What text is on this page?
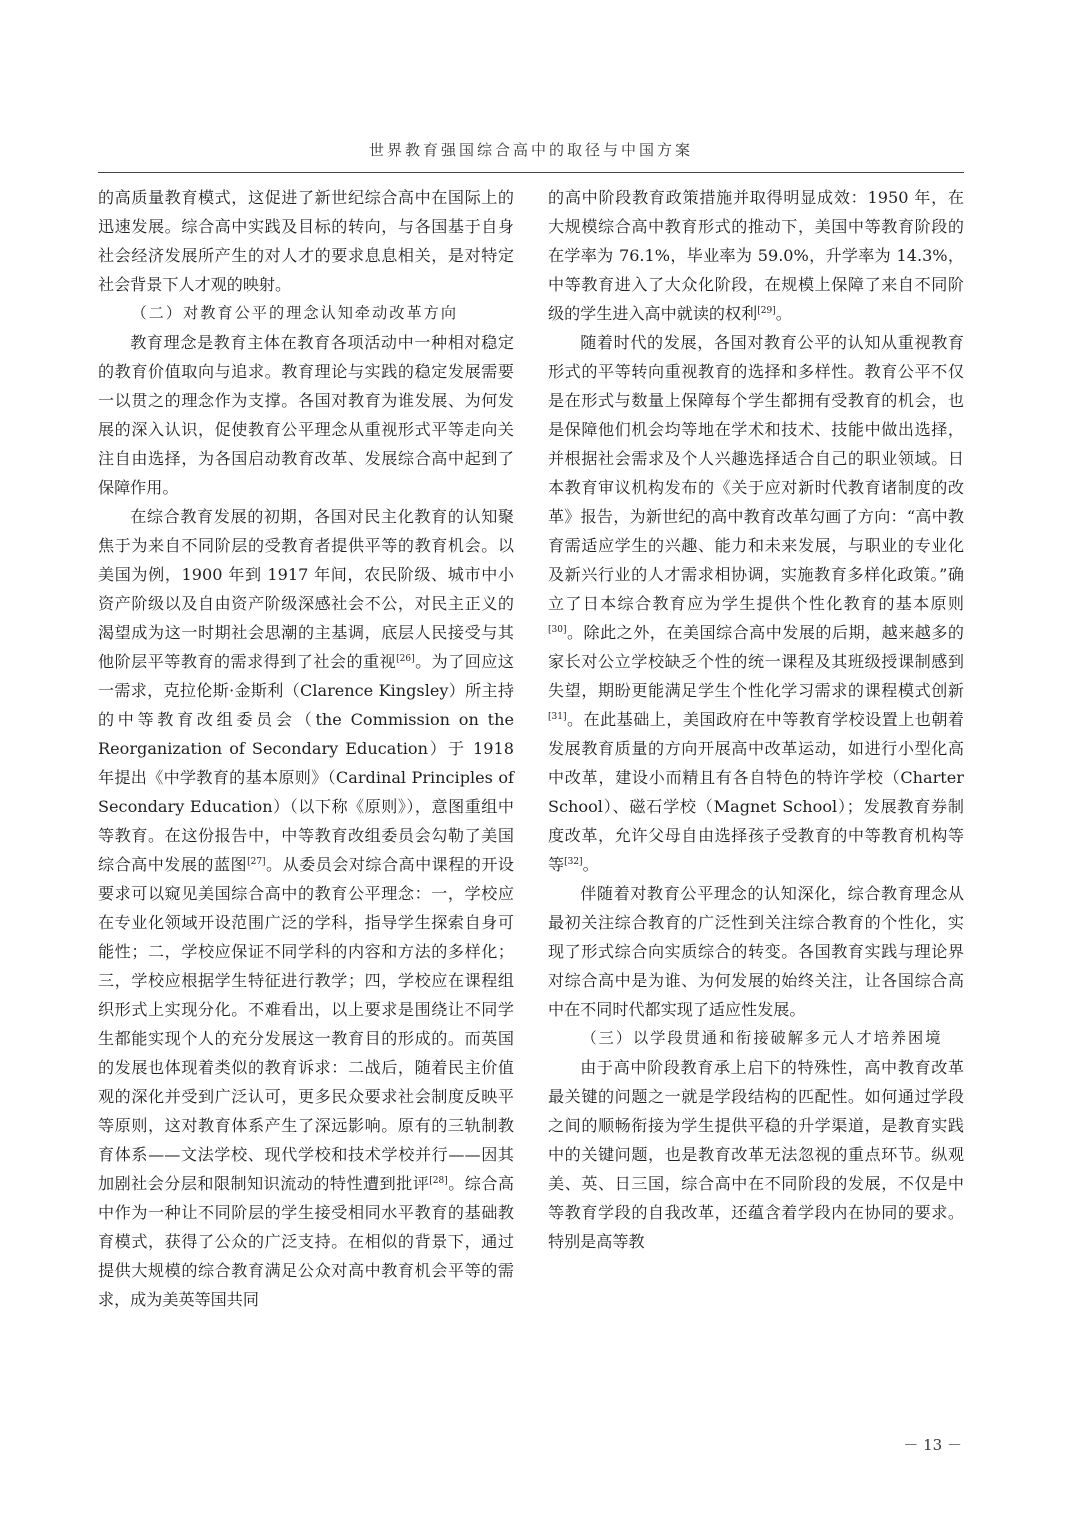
世界教育强国综合高中的取径与中国方案

的高质量教育模式，这促进了新世纪综合高中在国际上的迅速发展。综合高中实践及目标的转向，与各国基于自身社会经济发展所产生的对人才的要求息息相关，是对特定社会背景下人才观的映射。

（二）对教育公平的理念认知牵动改革方向

教育理念是教育主体在教育各项活动中一种相对稳定的教育价值取向与追求。教育理论与实践的稳定发展需要一以贯之的理念作为支撑。各国对教育为谁发展、为何发展的深入认识，促使教育公平理念从重视形式平等走向关注自由选择，为各国启动教育改革、发展综合高中起到了保障作用。

在综合教育发展的初期，各国对民主化教育的认知聚焦于为来自不同阶层的受教育者提供平等的教育机会。以美国为例，1900 年到 1917 年间，农民阶级、城市中小资产阶级以及自由资产阶级深感社会不公，对民主正义的渴望成为这一时期社会思潮的主基调，底层人民接受与其他阶层平等教育的需求得到了社会的重视[26]。为了回应这一需求，克拉伦斯·金斯利（Clarence Kingsley）所主持的中等教育改组委员会（the Commission on the Reorganization of Secondary Education）于 1918 年提出《中学教育的基本原则》（Cardinal Principles of Secondary Education）（以下称《原则》），意图重组中等教育。在这份报告中，中等教育改组委员会勾勒了美国综合高中发展的蓝图[27]。从委员会对综合高中课程的开设要求可以窥见美国综合高中的教育公平理念：一，学校应在专业化领域开设范围广泛的学科，指导学生探索自身可能性；二，学校应保证不同学科的内容和方法的多样化；三，学校应根据学生特征进行教学；四，学校应在课程组织形式上实现分化。不难看出，以上要求是围绕让不同学生都能实现个人的充分发展这一教育目的形成的。而英国的发展也体现着类似的教育诉求：二战后，随着民主价值观的深化并受到广泛认可，更多民众要求社会制度反映平等原则，这对教育体系产生了深远影响。原有的三轨制教育体系——文法学校、现代学校和技术学校并行——因其加剧社会分层和限制知识流动的特性遭到批评[28]。综合高中作为一种让不同阶层的学生接受相同水平教育的基础教育模式，获得了公众的广泛支持。在相似的背景下，通过提供大规模的综合教育满足公众对高中教育机会平等的需求，成为美英等国共同

的高中阶段教育政策措施并取得明显成效：1950 年，在大规模综合高中教育形式的推动下，美国中等教育阶段的在学率为 76.1%，毕业率为 59.0%，升学率为 14.3%，中等教育进入了大众化阶段，在规模上保障了来自不同阶级的学生进入高中就读的权利[29]。

随着时代的发展，各国对教育公平的认知从重视教育形式的平等转向重视教育的选择和多样性。教育公平不仅是在形式与数量上保障每个学生都拥有受教育的机会，也是保障他们机会均等地在学术和技术、技能中做出选择，并根据社会需求及个人兴趣选择适合自己的职业领域。日本教育审议机构发布的《关于应对新时代教育诸制度的改革》报告，为新世纪的高中教育改革勾画了方向：“高中教育需适应学生的兴趣、能力和未来发展，与职业的专业化及新兴行业的人才需求相协调，实施教育多样化政策。”确立了日本综合教育应为学生提供个性化教育的基本原则[30]。除此之外，在美国综合高中发展的后期，越来越多的家长对公立学校缺乏个性的统一课程及其班级授课制感到失望，期盼更能满足学生个性化学习需求的课程模式创新[31]。在此基础上，美国政府在中等教育学校设置上也朝着发展教育质量的方向开展高中改革运动，如进行小型化高中改革，建设小而精且有各自特色的特许学校（Charter School）、磁石学校（Magnet School）；发展教育券制度改革，允许父母自由选择孩子受教育的中等教育机构等等[32]。

伴随着对教育公平理念的认知深化，综合教育理念从最初关注综合教育的广泛性到关注综合教育的个性化，实现了形式综合向实质综合的转变。各国教育实践与理论界对综合高中是为谁、为何发展的始终关注，让各国综合高中在不同时代都实现了适应性发展。

（三）以学段贯通和衔接破解多元人才培养困境

由于高中阶段教育承上启下的特殊性，高中教育改革最关键的问题之一就是学段结构的匹配性。如何通过学段之间的顺畅衔接为学生提供平稳的升学渠道，是教育实践中的关键问题，也是教育改革无法忽视的重点环节。纵观美、英、日三国，综合高中在不同阶段的发展，不仅是中等教育学段的自我改革，还蕴含着学段内在协同的要求。特别是高等教

－ 13 －
